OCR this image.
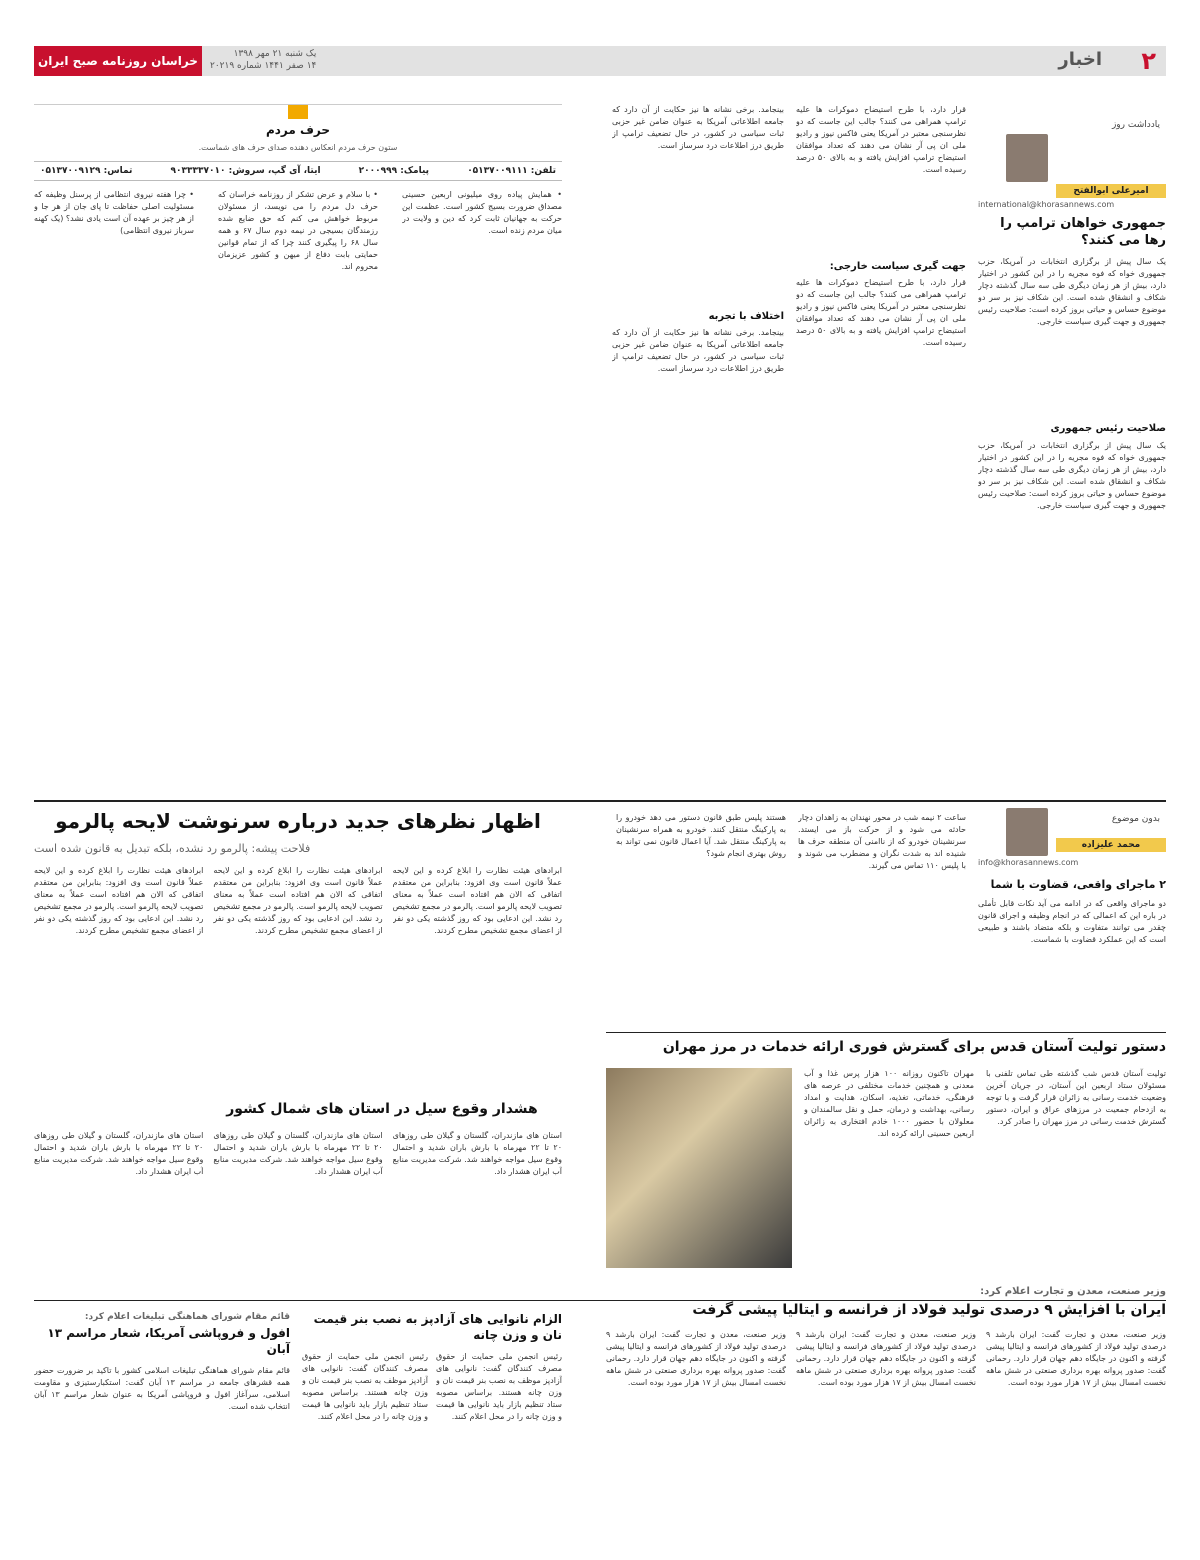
۲
اخبار
یک شنبه ۲۱ مهر ۱۳۹۸
۱۴ صفر ۱۴۴۱ شماره ۲۰۲۱۹
خراسان روزنامه صبح ایران
یادداشت روز
امیرعلی ابوالفتح
international@khorasannews.com
جمهوری خواهان ترامپ را رها می کنند؟
یک سال پیش از برگزاری انتخابات در آمریکا، حزب جمهوری خواه که فوه مجریه را در این کشور در اختیار دارد، بیش از هر زمان دیگری طی سه سال گذشته دچار شکاف و انشقاق شده است. این شکاف نیز بر سر دو موضوع حساس و حیاتی بروز کرده است: صلاحیت رئیس جمهوری و جهت گیری سیاست خارجی.
صلاحیت رئیس جمهوری
یک سال پیش از برگزاری انتخابات در آمریکا، حزب جمهوری خواه که فوه مجریه را در این کشور در اختیار دارد، بیش از هر زمان دیگری طی سه سال گذشته دچار شکاف و انشقاق شده است. این شکاف نیز بر سر دو موضوع حساس و حیاتی بروز کرده است: صلاحیت رئیس جمهوری و جهت گیری سیاست خارجی.
قرار دارد، با طرح استیضاح دموکرات ها علیه ترامپ همراهی می کنند؟ جالب این جاست که دو نظرسنجی معتبر در آمریکا یعنی فاکس نیوز و رادیو ملی ان پی آر نشان می دهند که تعداد موافقان استیضاح ترامپ افزایش یافته و به بالای ۵۰ درصد رسیده است.
جهت گیری سیاست خارجی:
قرار دارد، با طرح استیضاح دموکرات ها علیه ترامپ همراهی می کنند؟ جالب این جاست که دو نظرسنجی معتبر در آمریکا یعنی فاکس نیوز و رادیو ملی ان پی آر نشان می دهند که تعداد موافقان استیضاح ترامپ افزایش یافته و به بالای ۵۰ درصد رسیده است.
بینجامد. برخی نشانه ها نیز حکایت از آن دارد که جامعه اطلاعاتی آمریکا به عنوان ضامن غیر حزبی ثبات سیاسی در کشور، در حال تضعیف ترامپ از طریق درز اطلاعات درد سرساز است.
اختلاف با تجربه
بینجامد. برخی نشانه ها نیز حکایت از آن دارد که جامعه اطلاعاتی آمریکا به عنوان ضامن غیر حزبی ثبات سیاسی در کشور، در حال تضعیف ترامپ از طریق درز اطلاعات درد سرساز است.
حرف مردم
ستون حرف مردم انعکاس دهنده صدای حرف های شماست.
تلفن: ۰۵۱۳۷۰۰۹۱۱۱
پیامک: ۲۰۰۰۹۹۹
ایتا، آی گپ، سروش: ۹۰۳۳۳۳۷۰۱۰
تماس: ۰۵۱۳۷۰۰۹۱۲۹
• همایش پیاده روی میلیونی اربعین حسینی مصداق ضرورت بسیج کشور است. عظمت این حرکت به جهانیان ثابت کرد که دین و ولایت در میان مردم زنده است.
• با سلام و عرض تشکر از روزنامه خراسان که حرف دل مردم را می نویسد، از مسئولان مربوط خواهش می کنم که حق ضایع شده رزمندگان بسیجی در نیمه دوم سال ۶۷ و همه سال ۶۸ را پیگیری کنند چرا که از تمام قوانین حمایتی بابت دفاع از میهن و کشور عزیزمان محروم اند.
• چرا هفته نیروی انتظامی از پرسنل وظیفه که مسئولیت اصلی حفاظت تا پای جان از هر جا و از هر چیز بر عهده آن است یادی نشد؟ (یک کهنه سرباز نیروی انتظامی)
بدون موضوع
محمد علیزاده
info@khorasannews.com
۲ ماجرای واقعی، قضاوت با شما
دو ماجرای واقعی که در ادامه می آید نکات قابل تأملی در باره این که اعمالی که در انجام وظیفه و اجرای قانون چقدر می توانند متفاوت و بلکه متضاد باشند و طبیعی است که این عملکرد قضاوت با شماست.
ساعت ۲ نیمه شب در محور نهندان به زاهدان دچار حادثه می شود و از حرکت باز می ایستد. سرنشینان خودرو که از ناامنی آن منطقه حرف ها شنیده اند به شدت نگران و مضطرب می شوند و با پلیس ۱۱۰ تماس می گیرند.
هستند پلیس طبق قانون دستور می دهد خودرو را به پارکینگ منتقل کنند. خودرو به همراه سرنشینان به پارکینگ منتقل شد. آیا اعمال قانون نمی تواند به روش بهتری انجام شود؟
اظهار نظرهای جدید درباره سرنوشت لایحه پالرمو
فلاحت پیشه: پالرمو رد نشده، بلکه تبدیل به قانون شده است
ابرادهای هیئت نظارت را ابلاغ کرده و این لایحه عملاً قانون است وی افزود: بنابراین من معتقدم اتفاقی که الان هم افتاده است عملاً به معنای تصویب لایحه پالرمو است. پالرمو در مجمع تشخیص رد نشد. این ادعایی بود که روز گذشته یکی دو نفر از اعضای مجمع تشخیص مطرح کردند.
ابرادهای هیئت نظارت را ابلاغ کرده و این لایحه عملاً قانون است وی افزود: بنابراین من معتقدم اتفاقی که الان هم افتاده است عملاً به معنای تصویب لایحه پالرمو است. پالرمو در مجمع تشخیص رد نشد. این ادعایی بود که روز گذشته یکی دو نفر از اعضای مجمع تشخیص مطرح کردند.
ابرادهای هیئت نظارت را ابلاغ کرده و این لایحه عملاً قانون است وی افزود: بنابراین من معتقدم اتفاقی که الان هم افتاده است عملاً به معنای تصویب لایحه پالرمو است. پالرمو در مجمع تشخیص رد نشد. این ادعایی بود که روز گذشته یکی دو نفر از اعضای مجمع تشخیص مطرح کردند.
دستور تولیت آستان قدس برای گسترش فوری ارائه خدمات در مرز مهران
تولیت آستان قدس شب گذشته طی تماس تلفنی با مسئولان ستاد اربعین این آستان، در جریان آخرین وضعیت خدمت رسانی به زائران قرار گرفت و با توجه به ازدحام جمعیت در مرزهای عراق و ایران، دستور گسترش خدمت رسانی در مرز مهران را صادر کرد.
مهران تاکنون روزانه ۱۰۰ هزار پرس غذا و آب معدنی و همچنین خدمات مختلفی در عرصه های فرهنگی، خدماتی، تغذیه، اسکان، هدایت و امداد رسانی، بهداشت و درمان، حمل و نقل سالمندان و معلولان با حضور ۱۰۰۰ خادم افتخاری به زائران اربعین حسینی ارائه کرده اند.
هشدار وقوع سیل در استان های شمال کشور
استان های مازندران، گلستان و گیلان طی روزهای ۲۰ تا ۲۲ مهرماه با بارش باران شدید و احتمال وقوع سیل مواجه خواهند شد. شرکت مدیریت منابع آب ایران هشدار داد.
استان های مازندران، گلستان و گیلان طی روزهای ۲۰ تا ۲۲ مهرماه با بارش باران شدید و احتمال وقوع سیل مواجه خواهند شد. شرکت مدیریت منابع آب ایران هشدار داد.
استان های مازندران، گلستان و گیلان طی روزهای ۲۰ تا ۲۲ مهرماه با بارش باران شدید و احتمال وقوع سیل مواجه خواهند شد. شرکت مدیریت منابع آب ایران هشدار داد.
وزیر صنعت، معدن و تجارت اعلام کرد:
ایران با افزایش ۹ درصدی تولید فولاد از فرانسه و ایتالیا پیشی گرفت
وزیر صنعت، معدن و تجارت گفت: ایران بارشد ۹ درصدی تولید فولاد از کشورهای فرانسه و ایتالیا پیشی گرفته و اکنون در جایگاه دهم جهان قرار دارد. رحمانی گفت: صدور پروانه بهره برداری صنعتی در شش ماهه نخست امسال بیش از ۱۷ هزار مورد بوده است.
وزیر صنعت، معدن و تجارت گفت: ایران بارشد ۹ درصدی تولید فولاد از کشورهای فرانسه و ایتالیا پیشی گرفته و اکنون در جایگاه دهم جهان قرار دارد. رحمانی گفت: صدور پروانه بهره برداری صنعتی در شش ماهه نخست امسال بیش از ۱۷ هزار مورد بوده است.
وزیر صنعت، معدن و تجارت گفت: ایران بارشد ۹ درصدی تولید فولاد از کشورهای فرانسه و ایتالیا پیشی گرفته و اکنون در جایگاه دهم جهان قرار دارد. رحمانی گفت: صدور پروانه بهره برداری صنعتی در شش ماهه نخست امسال بیش از ۱۷ هزار مورد بوده است.
الزام نانوایی های آزادپز به نصب بنر قیمت نان و وزن چانه
رئیس انجمن ملی حمایت از حقوق مصرف کنندگان گفت: نانوایی های آزادپز موظف به نصب بنر قیمت نان و وزن چانه هستند. براساس مصوبه ستاد تنظیم بازار باید نانوایی ها قیمت و وزن چانه را در محل اعلام کنند.
رئیس انجمن ملی حمایت از حقوق مصرف کنندگان گفت: نانوایی های آزادپز موظف به نصب بنر قیمت نان و وزن چانه هستند. براساس مصوبه ستاد تنظیم بازار باید نانوایی ها قیمت و وزن چانه را در محل اعلام کنند.
قائم مقام شورای هماهنگی تبلیغات اعلام کرد:
افول و فروپاشی آمریکا، شعار مراسم ۱۳ آبان
قائم مقام شورای هماهنگی تبلیغات اسلامی کشور با تاکید بر ضرورت حضور همه قشرهای جامعه در مراسم ۱۳ آبان گفت: استکبارستیزی و مقاومت اسلامی، سرآغاز افول و فروپاشی آمریکا به عنوان شعار مراسم ۱۳ آبان انتخاب شده است.
